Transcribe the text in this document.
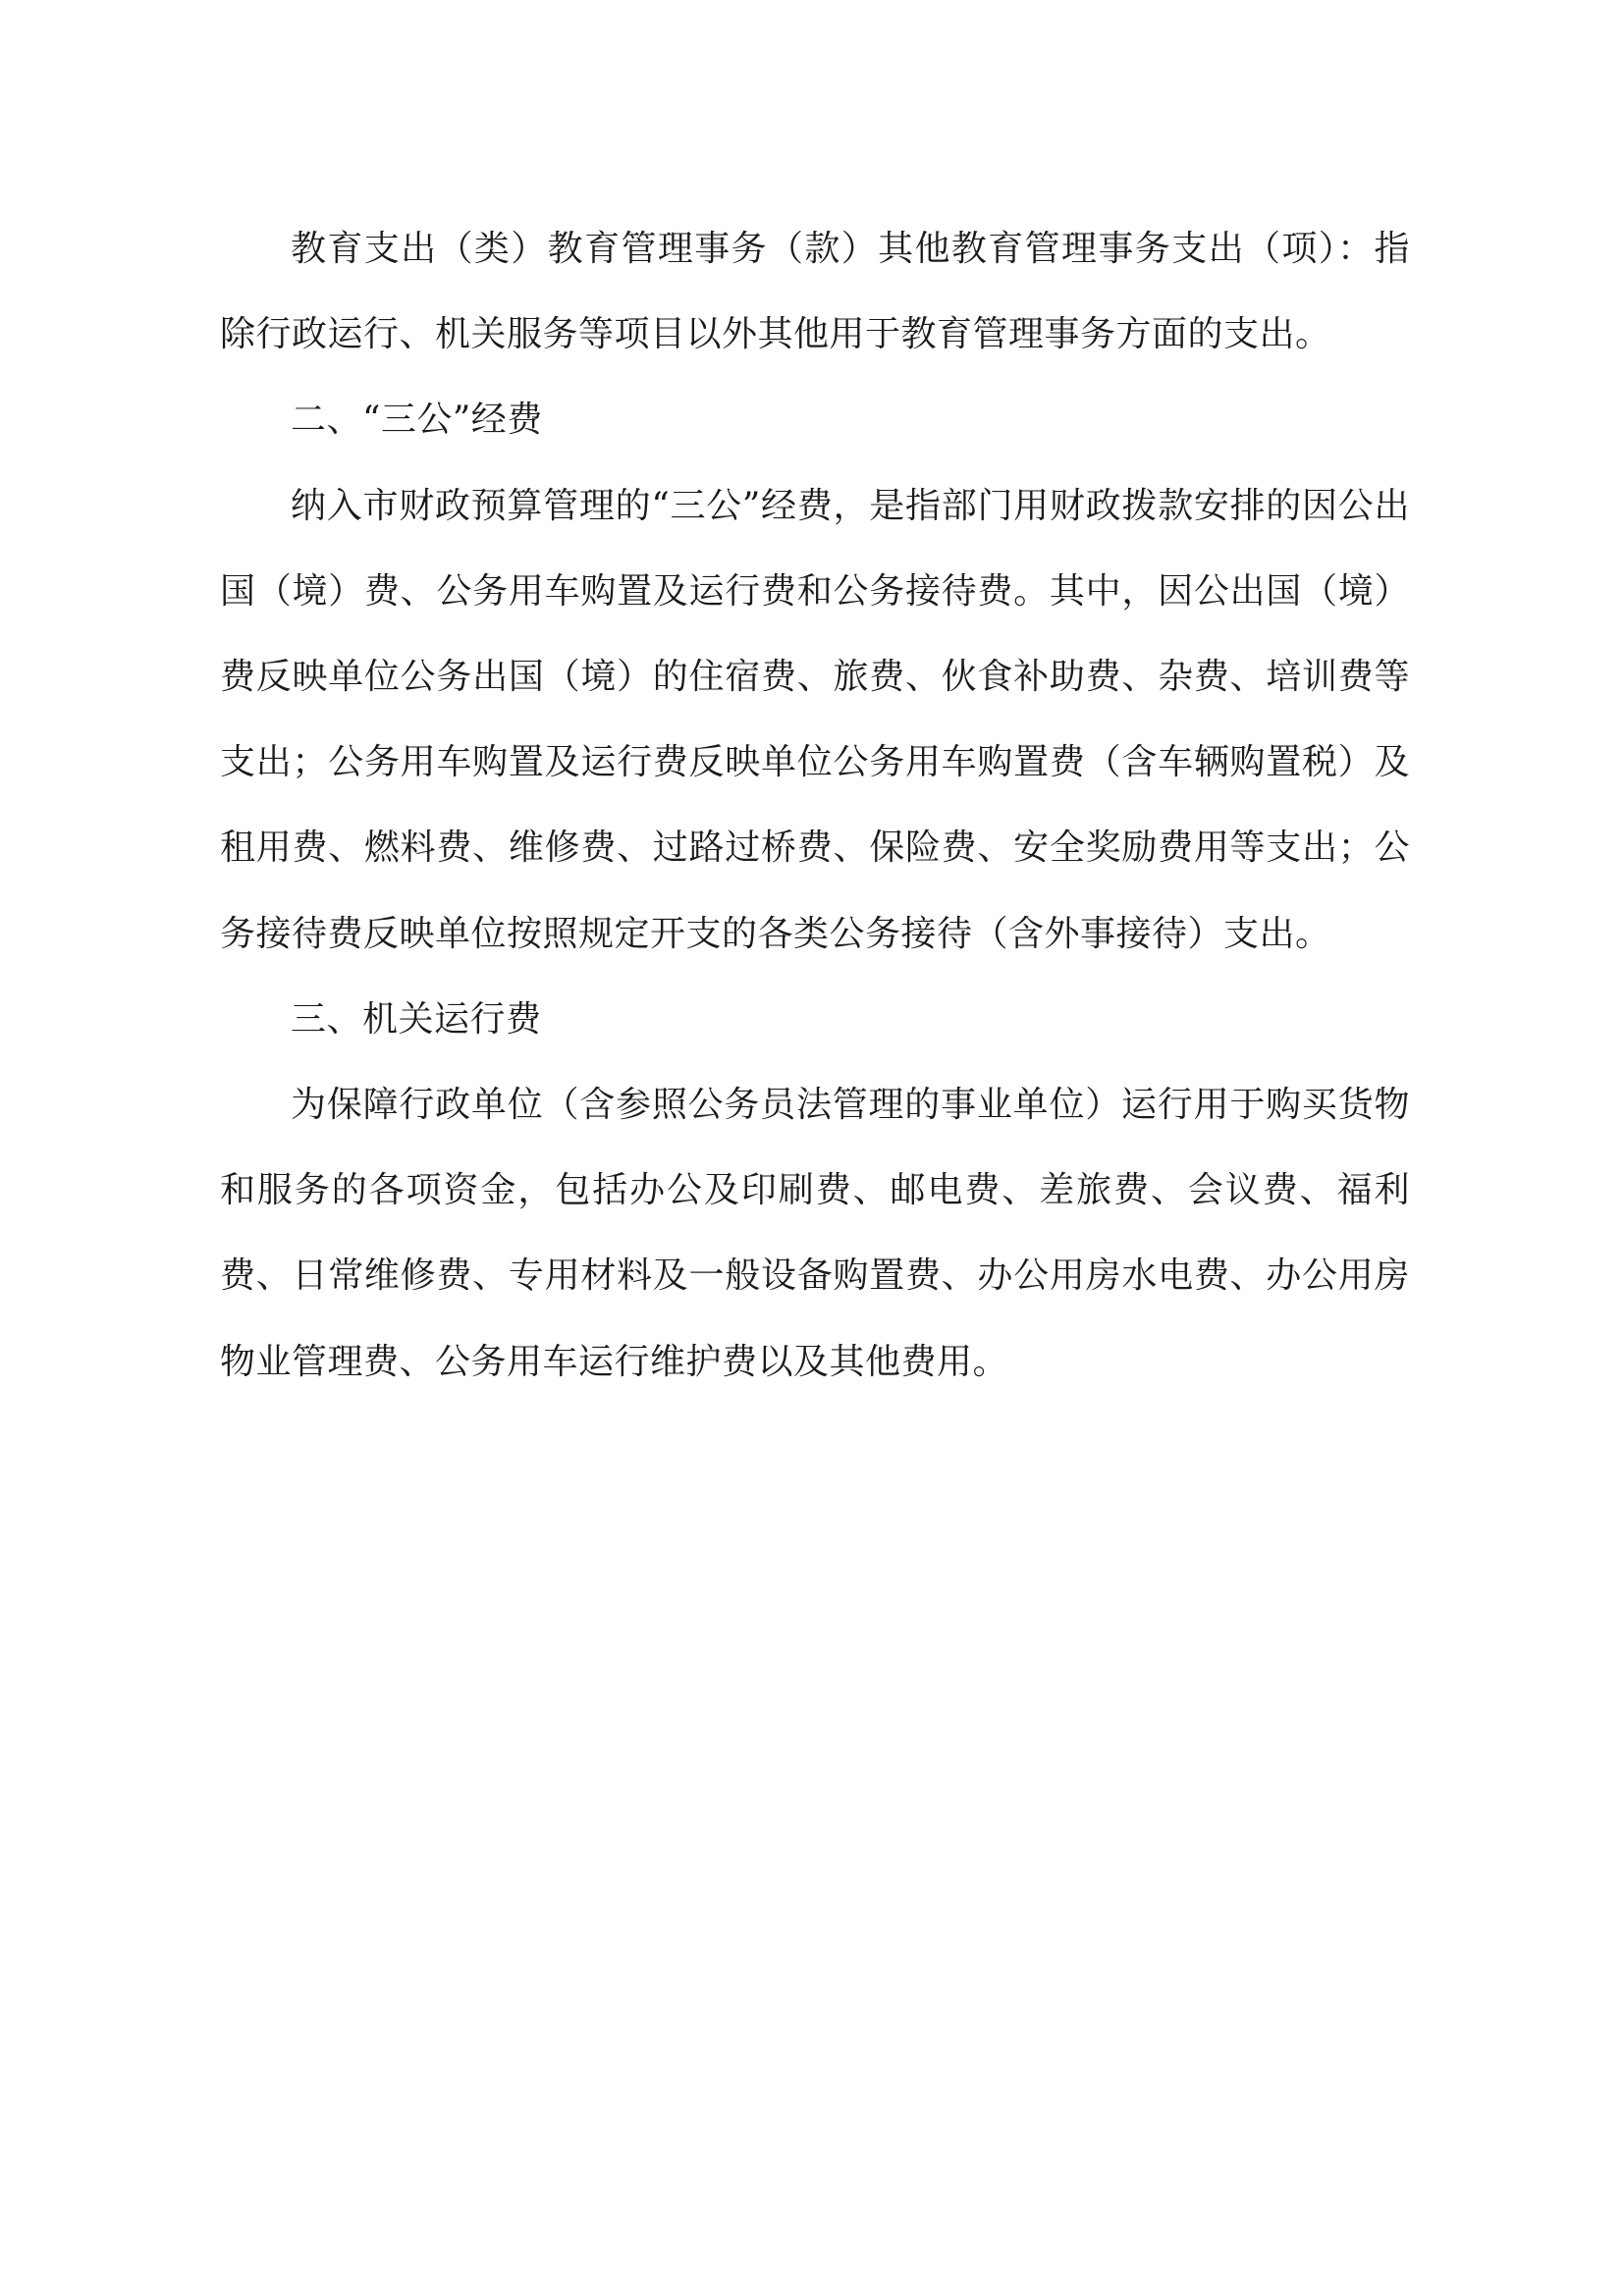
教育支出（类）教育管理事务（款）其他教育管理事务支出（项）：指除行政运行、机关服务等项目以外其他用于教育管理事务方面的支出。

二、“三公”经费

纳入市财政预算管理的“三公”经费，是指部门用财政拨款安排的因公出国（境）费、公务用车购置及运行费和公务接待费。其中，因公出国（境）费反映单位公务出国（境）的住宿费、旅费、伙食补助费、杂费、培训费等支出；公务用车购置及运行费反映单位公务用车购置费（含车辆购置税）及租用费、燃料费、维修费、过路过桥费、保险费、安全奖励费用等支出；公务接待费反映单位按照规定开支的各类公务接待（含外事接待）支出。

三、机关运行费

为保障行政单位（含参照公务员法管理的事业单位）运行用于购买货物和服务的各项资金，包括办公及印刷费、邮电费、差旅费、会议费、福利费、日常维修费、专用材料及一般设备购置费、办公用房水电费、办公用房物业管理费、公务用车运行维护费以及其他费用。
